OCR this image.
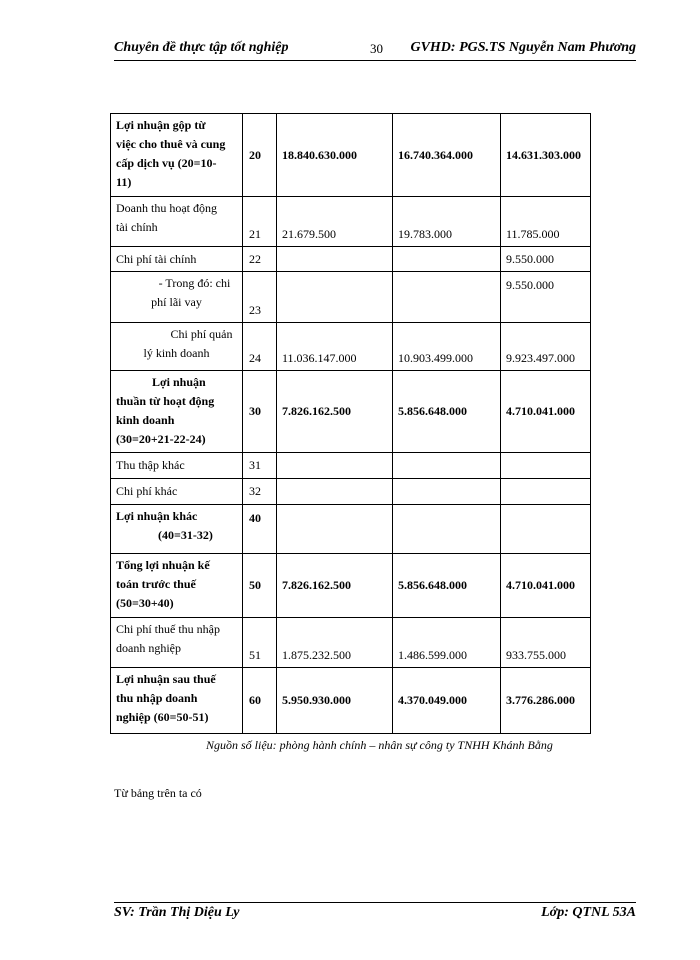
Chuyên đề thực tập tốt nghiệp	30 GVHD: PGS.TS Nguyễn Nam Phương
Lợi nhuận gộp từ
việc cho thuê và cung
cấp dịch vụ (20=10-
11)	20	18.840.630.000	16.740.364.000	14.631.303.000

Doanh thu hoạt động
tài chính	21	21.679.500	19.783.000	11.785.000

Chi phí tài chính	22			9.550.000

- Trong đó: chi
phí lãi vay	23			9.550.000

Chi phí quản
lý kinh doanh	24	11.036.147.000	10.903.499.000	9.923.497.000

Lợi nhuận
thuần từ hoạt động
kinh doanh
(30=20+21-22-24)	30	7.826.162.500	5.856.648.000	4.710.041.000

Thu thập khác	31			

Chi phí khác	32			

Lợi nhuận khác
(40=31-32)	40			

Tổng lợi nhuận kế
toán trước thuế
(50=30+40)	50	7.826.162.500	5.856.648.000	4.710.041.000

Chi phí thuế thu nhập
doanh nghiệp	51	1.875.232.500	1.486.599.000	933.755.000

Lợi nhuận sau thuế
thu nhập doanh
nghiệp (60=50-51)	60	5.950.930.000	4.370.049.000	3.776.286.000
Nguồn số liệu: phòng hành chính – nhân sự công ty TNHH Khánh Bằng
Từ bảng trên ta có
SV: Trần Thị Diệu Ly	Lớp: QTNL 53A
